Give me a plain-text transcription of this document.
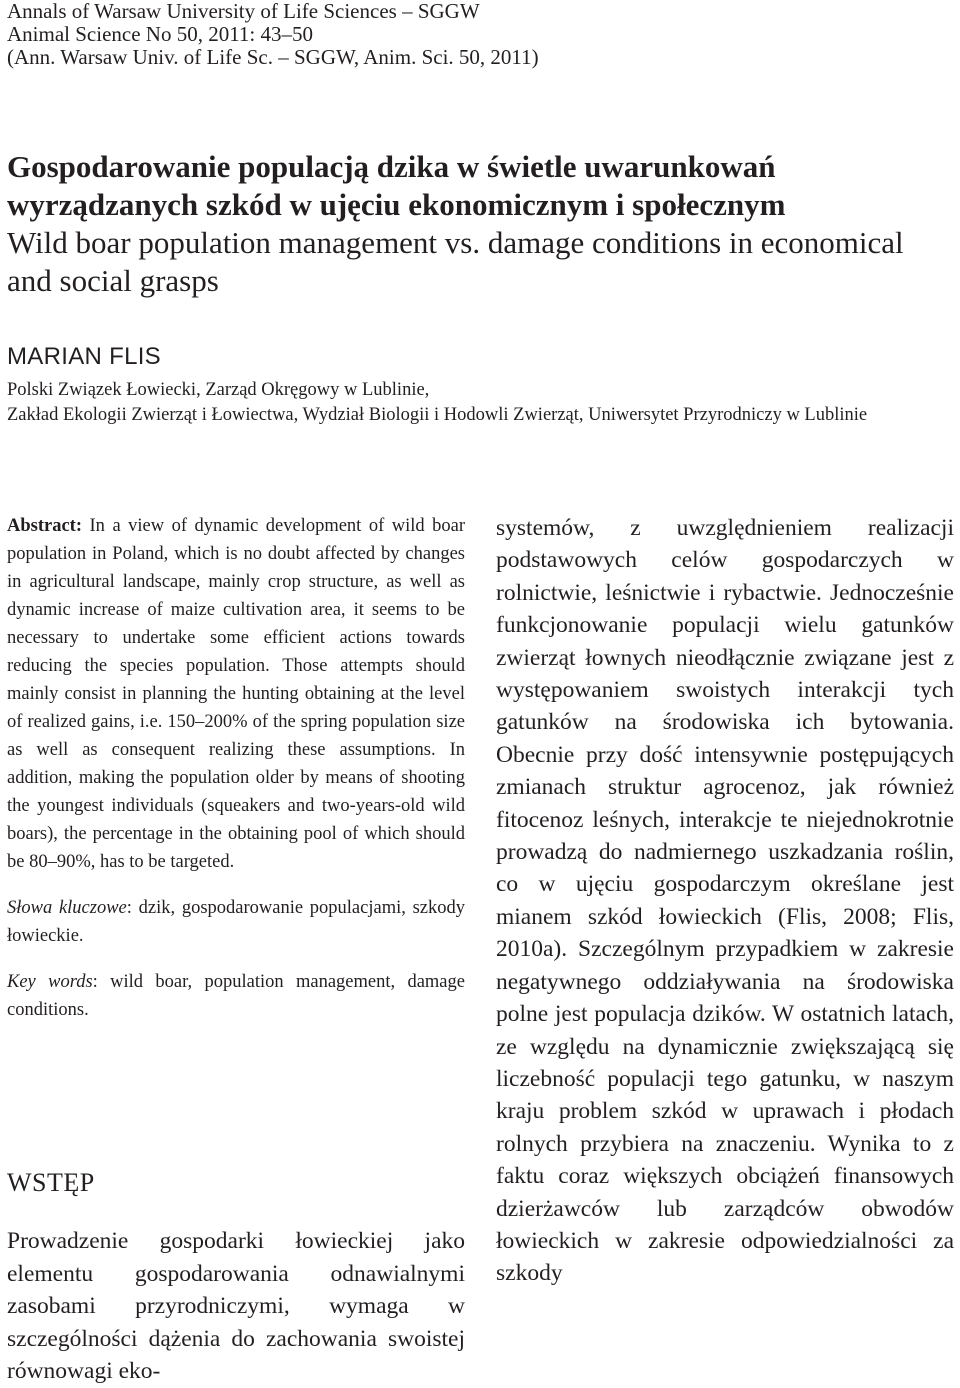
Annals of Warsaw University of Life Sciences – SGGW
Animal Science No 50, 2011: 43–50
(Ann. Warsaw Univ. of Life Sc. – SGGW, Anim. Sci. 50, 2011)
Gospodarowanie populacją dzika w świetle uwarunkowań wyrządzanych szkód w ujęciu ekonomicznym i społecznym
Wild boar population management vs. damage conditions in economical and social grasps
MARIAN FLIS
Polski Związek Łowiecki, Zarząd Okręgowy w Lublinie,
Zakład Ekologii Zwierząt i Łowiectwa, Wydział Biologii i Hodowli Zwierząt, Uniwersytet Przyrodniczy w Lublinie

Abstract: In a view of dynamic development of wild boar population in Poland, which is no doubt affected by changes in agricultural landscape, mainly crop structure, as well as dynamic increase of maize cultivation area, it seems to be necessary to undertake some efficient actions towards reducing the species population. Those attempts should mainly consist in planning the hunting obtaining at the level of realized gains, i.e. 150–200% of the spring population size as well as consequent realizing these assumptions. In addition, making the population older by means of shooting the youngest individuals (squeakers and two-years-old wild boars), the percentage in the obtaining pool of which should be 80–90%, has to be targeted.

Słowa kluczowe: dzik, gospodarowanie populacjami, szkody łowieckie.

Key words: wild boar, population management, damage conditions.

WSTĘP

Prowadzenie gospodarki łowieckiej jako elementu gospodarowania odnawialnymi zasobami przyrodniczymi, wymaga w szczególności dążenia do zachowania swoistej równowagi eko-

systemów, z uwzględnieniem realizacji podstawowych celów gospodarczych w rolnictwie, leśnictwie i rybactwie. Jednocześnie funkcjonowanie populacji wielu gatunków zwierząt łownych nieodłącznie związane jest z występowaniem swoistych interakcji tych gatunków na środowiska ich bytowania. Obecnie przy dość intensywnie postępujących zmianach struktur agrocenoz, jak również fitocenoz leśnych, interakcje te niejednokrotnie prowadzą do nadmiernego uszkadzania roślin, co w ujęciu gospodarczym określane jest mianem szkód łowieckich (Flis, 2008; Flis, 2010a). Szczególnym przypadkiem w zakresie negatywnego oddziaływania na środowiska polne jest populacja dzików. W ostatnich latach, ze względu na dynamicznie zwiększającą się liczebność populacji tego gatunku, w naszym kraju problem szkód w uprawach i płodach rolnych przybiera na znaczeniu. Wynika to z faktu coraz większych obciążeń finansowych dzierżawców lub zarządców obwodów łowieckich w zakresie odpowiedzialności za szkody
